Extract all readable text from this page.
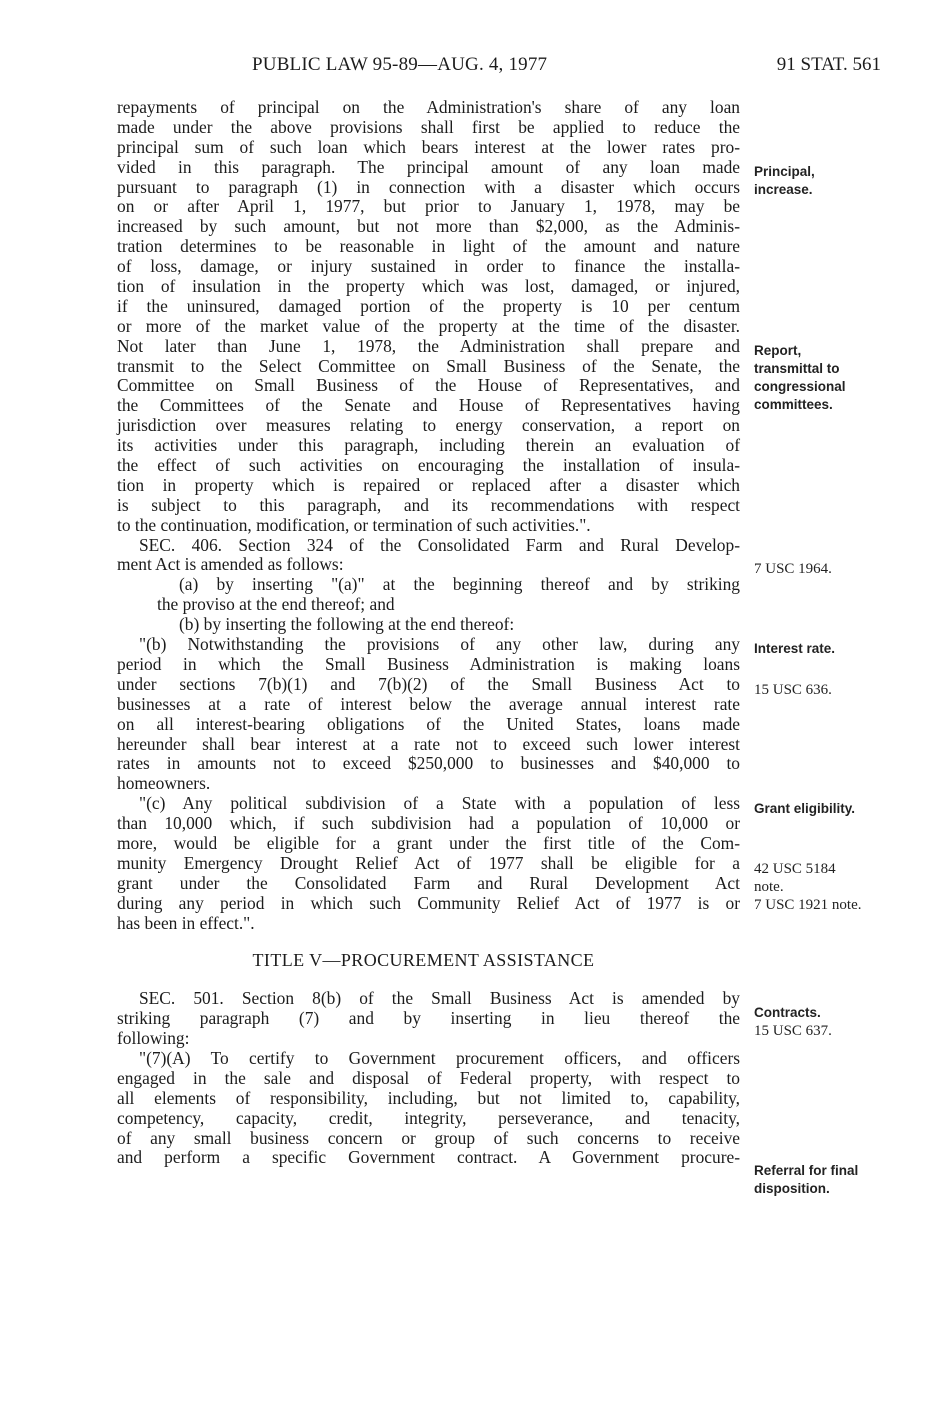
PUBLIC LAW 95-89—AUG. 4, 1977	91 STAT. 561
repayments of principal on the Administration's share of any loan
made under the above provisions shall first be applied to reduce the
principal sum of such loan which bears interest at the lower rates pro-
vided in this paragraph. The principal amount of any loan made
pursuant to paragraph (1) in connection with a disaster which occurs
on or after April 1, 1977, but prior to January 1, 1978, may be
increased by such amount, but not more than $2,000, as the Adminis-
tration determines to be reasonable in light of the amount and nature
of loss, damage, or injury sustained in order to finance the installa-
tion of insulation in the property which was lost, damaged, or injured,
if the uninsured, damaged portion of the property is 10 per centum
or more of the market value of the property at the time of the disaster.
Not later than June 1, 1978, the Administration shall prepare and
transmit to the Select Committee on Small Business of the Senate, the
Committee on Small Business of the House of Representatives, and
the Committees of the Senate and House of Representatives having
jurisdiction over measures relating to energy conservation, a report on
its activities under this paragraph, including therein an evaluation of
the effect of such activities on encouraging the installation of insula-
tion in property which is repaired or replaced after a disaster which
is subject to this paragraph, and its recommendations with respect
to the continuation, modification, or termination of such activities.".
SEC. 406. Section 324 of the Consolidated Farm and Rural Develop-
ment Act is amended as follows:
(a) by inserting "(a)" at the beginning thereof and by striking
the proviso at the end thereof; and
(b) by inserting the following at the end thereof:
"(b) Notwithstanding the provisions of any other law, during any
period in which the Small Business Administration is making loans
under sections 7(b)(1) and 7(b)(2) of the Small Business Act to
businesses at a rate of interest below the average annual interest rate
on all interest-bearing obligations of the United States, loans made
hereunder shall bear interest at a rate not to exceed such lower interest
rates in amounts not to exceed $250,000 to businesses and $40,000 to
homeowners.
"(c) Any political subdivision of a State with a population of less
than 10,000 which, if such subdivision had a population of 10,000 or
more, would be eligible for a grant under the first title of the Com-
munity Emergency Drought Relief Act of 1977 shall be eligible for a
grant under the Consolidated Farm and Rural Development Act
during any period in which such Community Relief Act of 1977 is or
has been in effect.".
TITLE V—PROCUREMENT ASSISTANCE
SEC. 501. Section 8(b) of the Small Business Act is amended by
striking paragraph (7) and by inserting in lieu thereof the
following:
"(7)(A) To certify to Government procurement officers, and officers
engaged in the sale and disposal of Federal property, with respect to
all elements of responsibility, including, but not limited to, capability,
competency, capacity, credit, integrity, perseverance, and tenacity,
of any small business concern or group of such concerns to receive
and perform a specific Government contract. A Government procure-
Principal,
increase.
Report,
transmittal to
congressional
committees.
7 USC 1964.
Interest rate.
15 USC 636.
Grant eligibility.
42 USC 5184
note.
7 USC 1921 note.
Contracts.
15 USC 637.
Referral for final
disposition.
